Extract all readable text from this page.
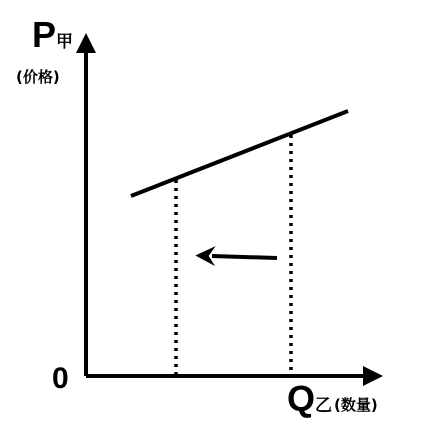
P 甲
(价格)
0	Q 乙 (数量)
